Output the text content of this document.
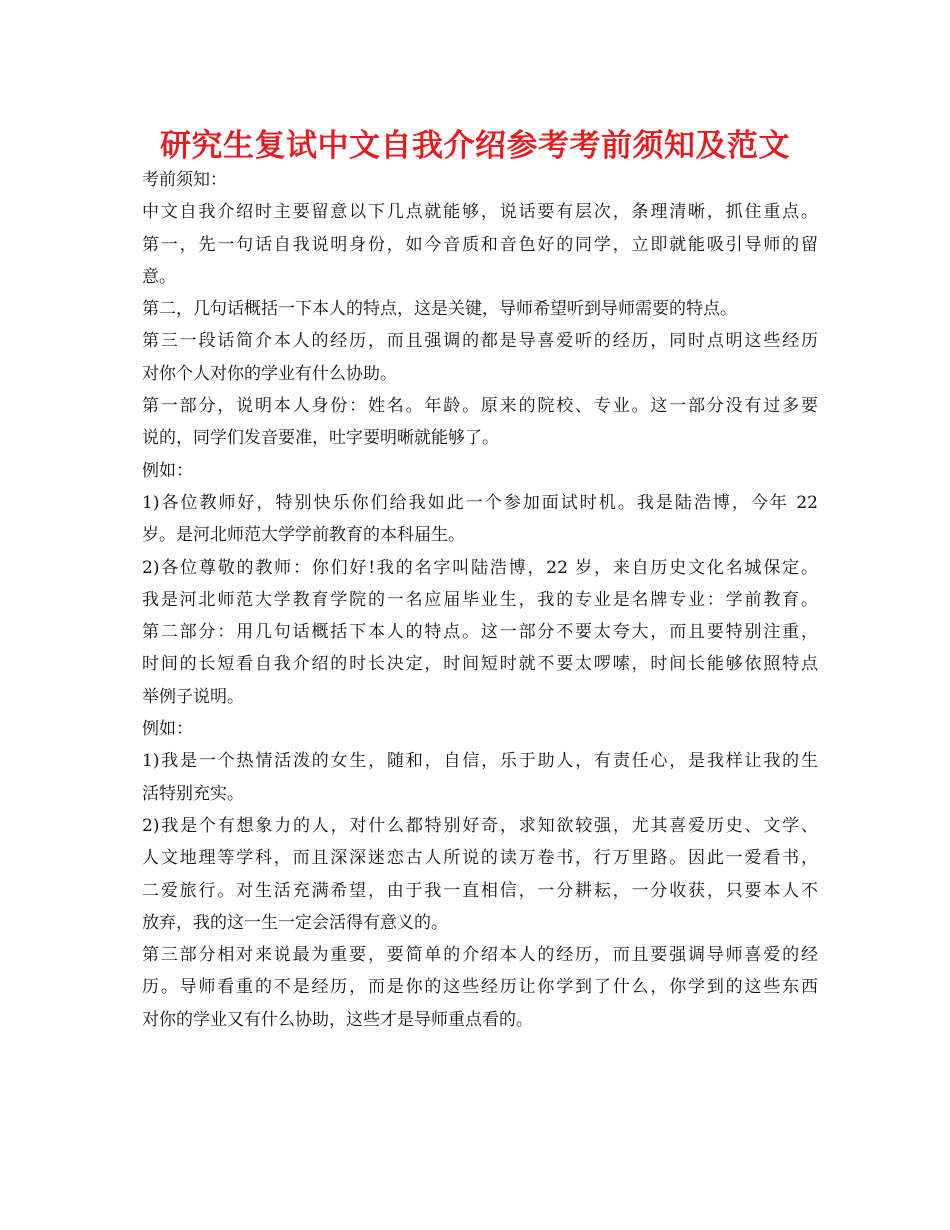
研究生复试中文自我介绍参考考前须知及范文

考前须知：

中文自我介绍时主要留意以下几点就能够，说话要有层次，条理清晰，抓住重点。

第一，先一句话自我说明身份，如今音质和音色好的同学，立即就能吸引导师的留

意。

第二，几句话概括一下本人的特点，这是关键，导师希望听到导师需要的特点。

第三一段话简介本人的经历，而且强调的都是导喜爱听的经历，同时点明这些经历

对你个人对你的学业有什么协助。

第一部分，说明本人身份：姓名。年龄。原来的院校、专业。这一部分没有过多要

说的，同学们发音要准，吐字要明晰就能够了。

例如：

1)各位教师好，特别快乐你们给我如此一个参加面试时机。我是陆浩博，今年 22

岁。是河北师范大学学前教育的本科届生。

2)各位尊敬的教师：你们好!我的名字叫陆浩博，22 岁，来自历史文化名城保定。

我是河北师范大学教育学院的一名应届毕业生，我的专业是名牌专业：学前教育。

第二部分：用几句话概括下本人的特点。这一部分不要太夸大，而且要特别注重，

时间的长短看自我介绍的时长决定，时间短时就不要太啰嗦，时间长能够依照特点

举例子说明。

例如：

1)我是一个热情活泼的女生，随和，自信，乐于助人，有责任心，是我样让我的生

活特别充实。

2)我是个有想象力的人，对什么都特别好奇，求知欲较强，尤其喜爱历史、文学、

人文地理等学科，而且深深迷恋古人所说的读万卷书，行万里路。因此一爱看书，

二爱旅行。对生活充满希望，由于我一直相信，一分耕耘，一分收获，只要本人不

放弃，我的这一生一定会活得有意义的。

第三部分相对来说最为重要，要简单的介绍本人的经历，而且要强调导师喜爱的经

历。导师看重的不是经历，而是你的这些经历让你学到了什么，你学到的这些东西

对你的学业又有什么协助，这些才是导师重点看的。
